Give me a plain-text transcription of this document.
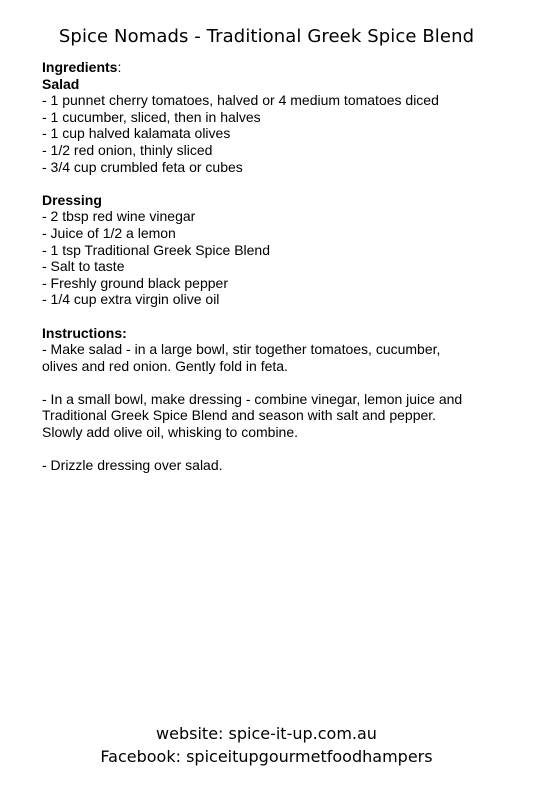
Spice Nomads - Traditional Greek Spice Blend

Ingredients:

Salad

- 1 punnet cherry tomatoes, halved or 4 medium tomatoes diced

- 1 cucumber, sliced, then in halves

- 1 cup halved kalamata olives

- 1/2 red onion, thinly sliced

- 3/4 cup crumbled feta or cubes

Dressing

- 2 tbsp red wine vinegar

- Juice of 1/2 a lemon

- 1 tsp Traditional Greek Spice Blend

- Salt to taste

- Freshly ground black pepper

- 1/4 cup extra virgin olive oil

Instructions:

- Make salad - in a large bowl, stir together tomatoes, cucumber,

olives and red onion. Gently fold in feta.

- In a small bowl, make dressing - combine vinegar, lemon juice and

Traditional Greek Spice Blend and season with salt and pepper.

Slowly add olive oil, whisking to combine.

- Drizzle dressing over salad.

website: spice-it-up.com.au
Facebook: spiceitupgourmetfoodhampers
